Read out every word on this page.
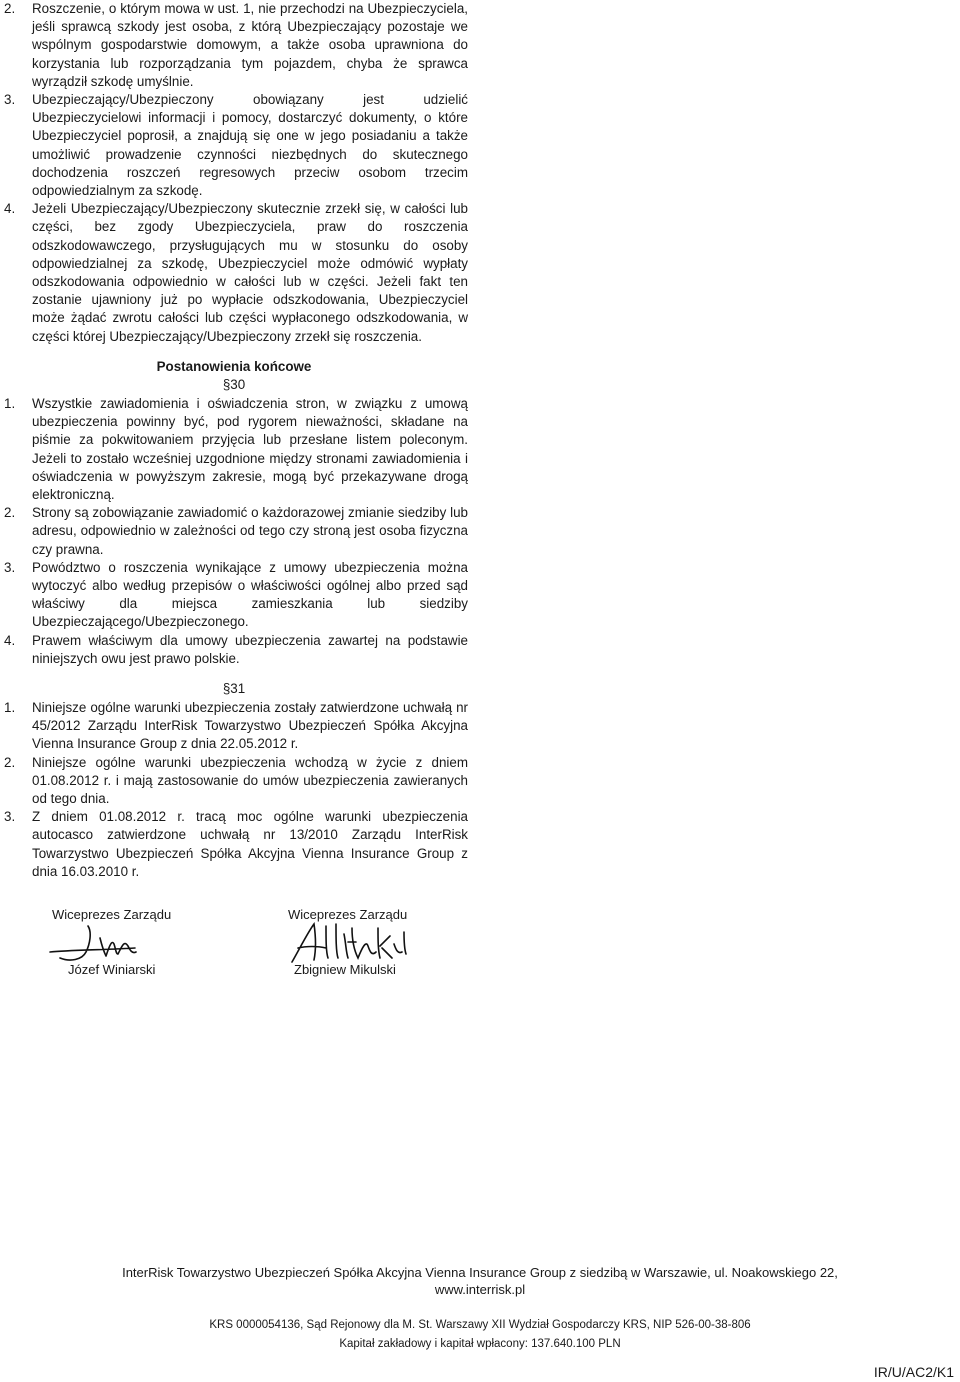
2. Roszczenie, o którym mowa w ust. 1, nie przechodzi na Ubezpieczyciela, jeśli sprawcą szkody jest osoba, z którą Ubezpieczający pozostaje we wspólnym gospodarstwie domowym, a także osoba uprawniona do korzystania lub rozporządzania tym pojazdem, chyba że sprawca wyrządził szkodę umyślnie.

3. Ubezpieczający/Ubezpieczony obowiązany jest udzielić Ubezpieczycielowi informacji i pomocy, dostarczyć dokumenty, o które Ubezpieczyciel poprosił, a znajdują się one w jego posiadaniu a także umożliwić prowadzenie czynności niezbędnych do skutecznego dochodzenia roszczeń regresowych przeciw osobom trzecim odpowiedzialnym za szkodę.

4. Jeżeli Ubezpieczający/Ubezpieczony skutecznie zrzekł się, w całości lub części, bez zgody Ubezpieczyciela, praw do roszczenia odszkodowawczego, przysługujących mu w stosunku do osoby odpowiedzialnej za szkodę, Ubezpieczyciel może odmówić wypłaty odszkodowania odpowiednio w całości lub w części. Jeżeli fakt ten zostanie ujawniony już po wypłacie odszkodowania, Ubezpieczyciel może żądać zwrotu całości lub części wypłaconego odszkodowania, w części której Ubezpieczający/Ubezpieczony zrzekł się roszczenia.

Postanowienia końcowe
§30

1. Wszystkie zawiadomienia i oświadczenia stron, w związku z umową ubezpieczenia powinny być, pod rygorem nieważności, składane na piśmie za pokwitowaniem przyjęcia lub przesłane listem poleconym. Jeżeli to zostało wcześniej uzgodnione między stronami zawiadomienia i oświadczenia w powyższym zakresie, mogą być przekazywane drogą elektroniczną.

2. Strony są zobowiązanie zawiadomić o każdorazowej zmianie siedziby lub adresu, odpowiednio w zależności od tego czy stroną jest osoba fizyczna czy prawna.

3. Powództwo o roszczenia wynikające z umowy ubezpieczenia można wytoczyć albo według przepisów o właściwości ogólnej albo przed sąd właściwy dla miejsca zamieszkania lub siedziby Ubezpieczającego/Ubezpieczonego.

4. Prawem właściwym dla umowy ubezpieczenia zawartej na podstawie niniejszych owu jest prawo polskie.

§31

1. Niniejsze ogólne warunki ubezpieczenia zostały zatwierdzone uchwałą nr 45/2012 Zarządu InterRisk Towarzystwo Ubezpieczeń Spółka Akcyjna Vienna Insurance Group z dnia 22.05.2012 r.

2. Niniejsze ogólne warunki ubezpieczenia wchodzą w życie z dniem 01.08.2012 r. i mają zastosowanie do umów ubezpieczenia zawieranych od tego dnia.

3. Z dniem 01.08.2012 r. tracą moc ogólne warunki ubezpieczenia autocasco zatwierdzone uchwałą nr 13/2010 Zarządu InterRisk Towarzystwo Ubezpieczeń Spółka Akcyjna Vienna Insurance Group z dnia 16.03.2010 r.

Wiceprezes Zarządu
Józef Winiarski
Wiceprezes Zarządu
Zbigniew Mikulski
InterRisk Towarzystwo Ubezpieczeń Spółka Akcyjna Vienna Insurance Group z siedzibą w Warszawie, ul. Noakowskiego 22,
www.interrisk.pl
KRS 0000054136, Sąd Rejonowy dla M. St. Warszawy XII Wydział Gospodarczy KRS, NIP 526-00-38-806
Kapitał zakładowy i kapitał wpłacony: 137.640.100 PLN
IR/U/AC2/K1
